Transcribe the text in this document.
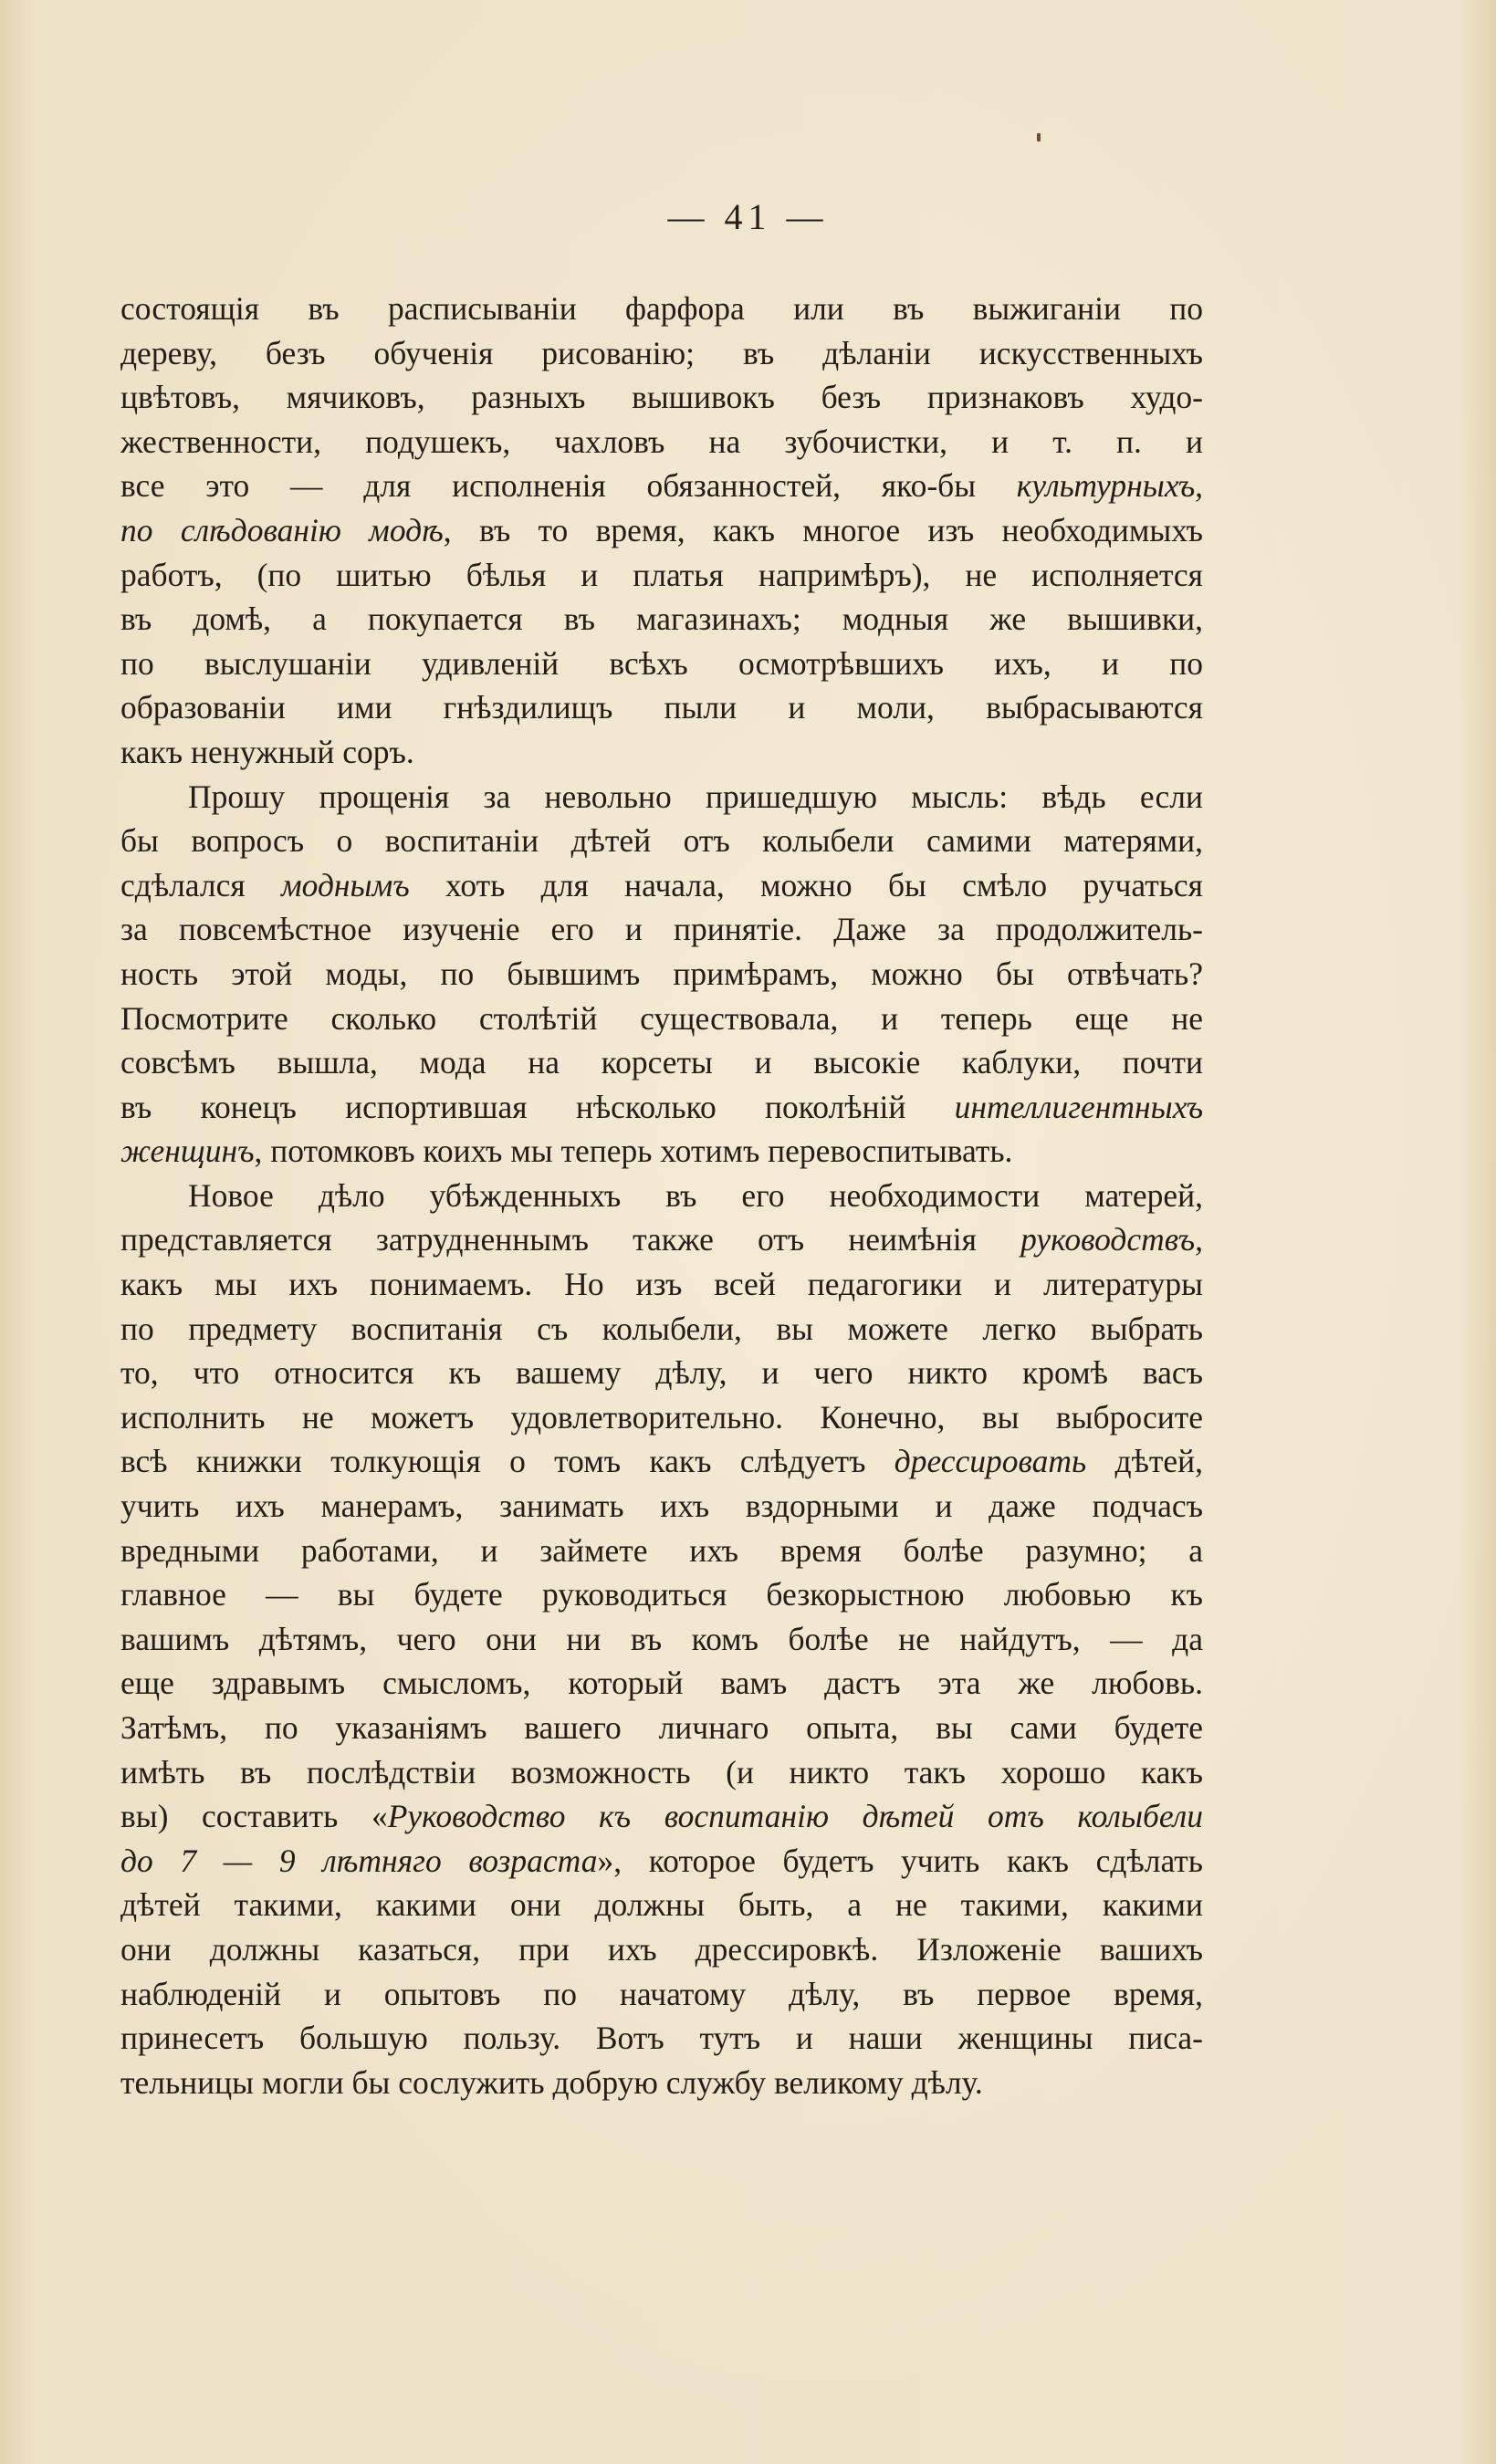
— 41 —
состоящія въ расписываніи фарфора или въ выжиганіи по
дереву, безъ обученія рисованію; въ дѣланіи искусственныхъ
цвѣтовъ, мячиковъ, разныхъ вышивокъ безъ признаковъ худо-
жественности, подушекъ, чахловъ на зубочистки, и т. п. и
все это — для исполненія обязанностей, яко-бы культурныхъ,
по слѣдованію модѣ, въ то время, какъ многое изъ необходимыхъ
работъ, (по шитью бѣлья и платья напримѣръ), не исполняется
въ домѣ, а покупается въ магазинахъ; модныя же вышивки,
по выслушаніи удивленій всѣхъ осмотрѣвшихъ ихъ, и по
образованіи ими гнѣздилищъ пыли и моли, выбрасываются
какъ ненужный соръ.
Прошу прощенія за невольно пришедшую мысль: вѣдь если
бы вопросъ о воспитаніи дѣтей отъ колыбели самими матерями,
сдѣлался моднымъ хоть для начала, можно бы смѣло ручаться
за повсемѣстное изученіе его и принятіе. Даже за продолжитель-
ность этой моды, по бывшимъ примѣрамъ, можно бы отвѣчать?
Посмотрите сколько столѣтій существовала, и теперь еще не
совсѣмъ вышла, мода на корсеты и высокіе каблуки, почти
въ конецъ испортившая нѣсколько поколѣній интеллигентныхъ
женщинъ, потомковъ коихъ мы теперь хотимъ перевоспитывать.
Новое дѣло убѣжденныхъ въ его необходимости матерей,
представляется затрудненнымъ также отъ неимѣнія руководствъ,
какъ мы ихъ понимаемъ. Но изъ всей педагогики и литературы
по предмету воспитанія съ колыбели, вы можете легко выбрать
то, что относится къ вашему дѣлу, и чего никто кромѣ васъ
исполнить не можетъ удовлетворительно. Конечно, вы выбросите
всѣ книжки толкующія о томъ какъ слѣдуетъ дрессировать дѣтей,
учить ихъ манерамъ, занимать ихъ вздорными и даже подчасъ
вредными работами, и займете ихъ время болѣе разумно; а
главное — вы будете руководиться безкорыстною любовью къ
вашимъ дѣтямъ, чего они ни въ комъ болѣе не найдутъ, — да
еще здравымъ смысломъ, который вамъ дастъ эта же любовь.
Затѣмъ, по указаніямъ вашего личнаго опыта, вы сами будете
имѣть въ послѣдствіи возможность (и никто такъ хорошо какъ
вы) составить «Руководство къ воспитанію дѣтей отъ колыбели
до 7 — 9 лѣтняго возраста», которое будетъ учить какъ сдѣлать
дѣтей такими, какими они должны быть, а не такими, какими
они должны казаться, при ихъ дрессировкѣ. Изложеніе вашихъ
наблюденій и опытовъ по начатому дѣлу, въ первое время,
принесетъ большую пользу. Вотъ тутъ и наши женщины писа-
тельницы могли бы сослужить добрую службу великому дѣлу.
